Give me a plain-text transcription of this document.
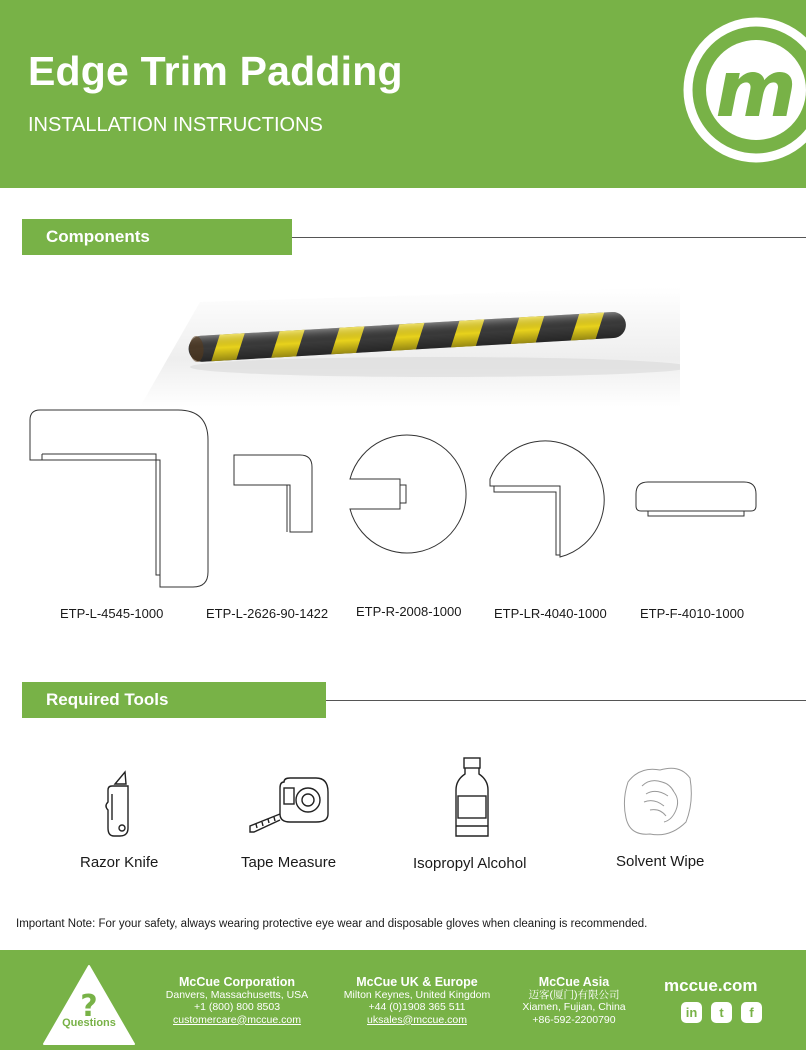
Edge Trim Padding
INSTALLATION INSTRUCTIONS	m
Components
ETP-L-4545-1000	ETP-L-2626-90-1422 ETP-R-2008-1000	ETP-LR-4040-1000	ETP-F-4010-1000
Required Tools
Razor Knife	Tape Measure	Isopropyl Alcohol	Solvent Wipe
Important Note: For your safety, always wearing protective eye wear and disposable gloves when cleaning is recommended.
?
Questions
McCue Corporation
Danvers, Massachusetts, USA
+1 (800) 800 8503
customercare@mccue.com
McCue UK & Europe
Milton Keynes, United Kingdom
+44 (0)1908 365 511
uksales@mccue.com
McCue Asia
迈客(厦门)有限公司
Xiamen, Fujian, China
+86-592-2200790
mccue.com
in	t	f
